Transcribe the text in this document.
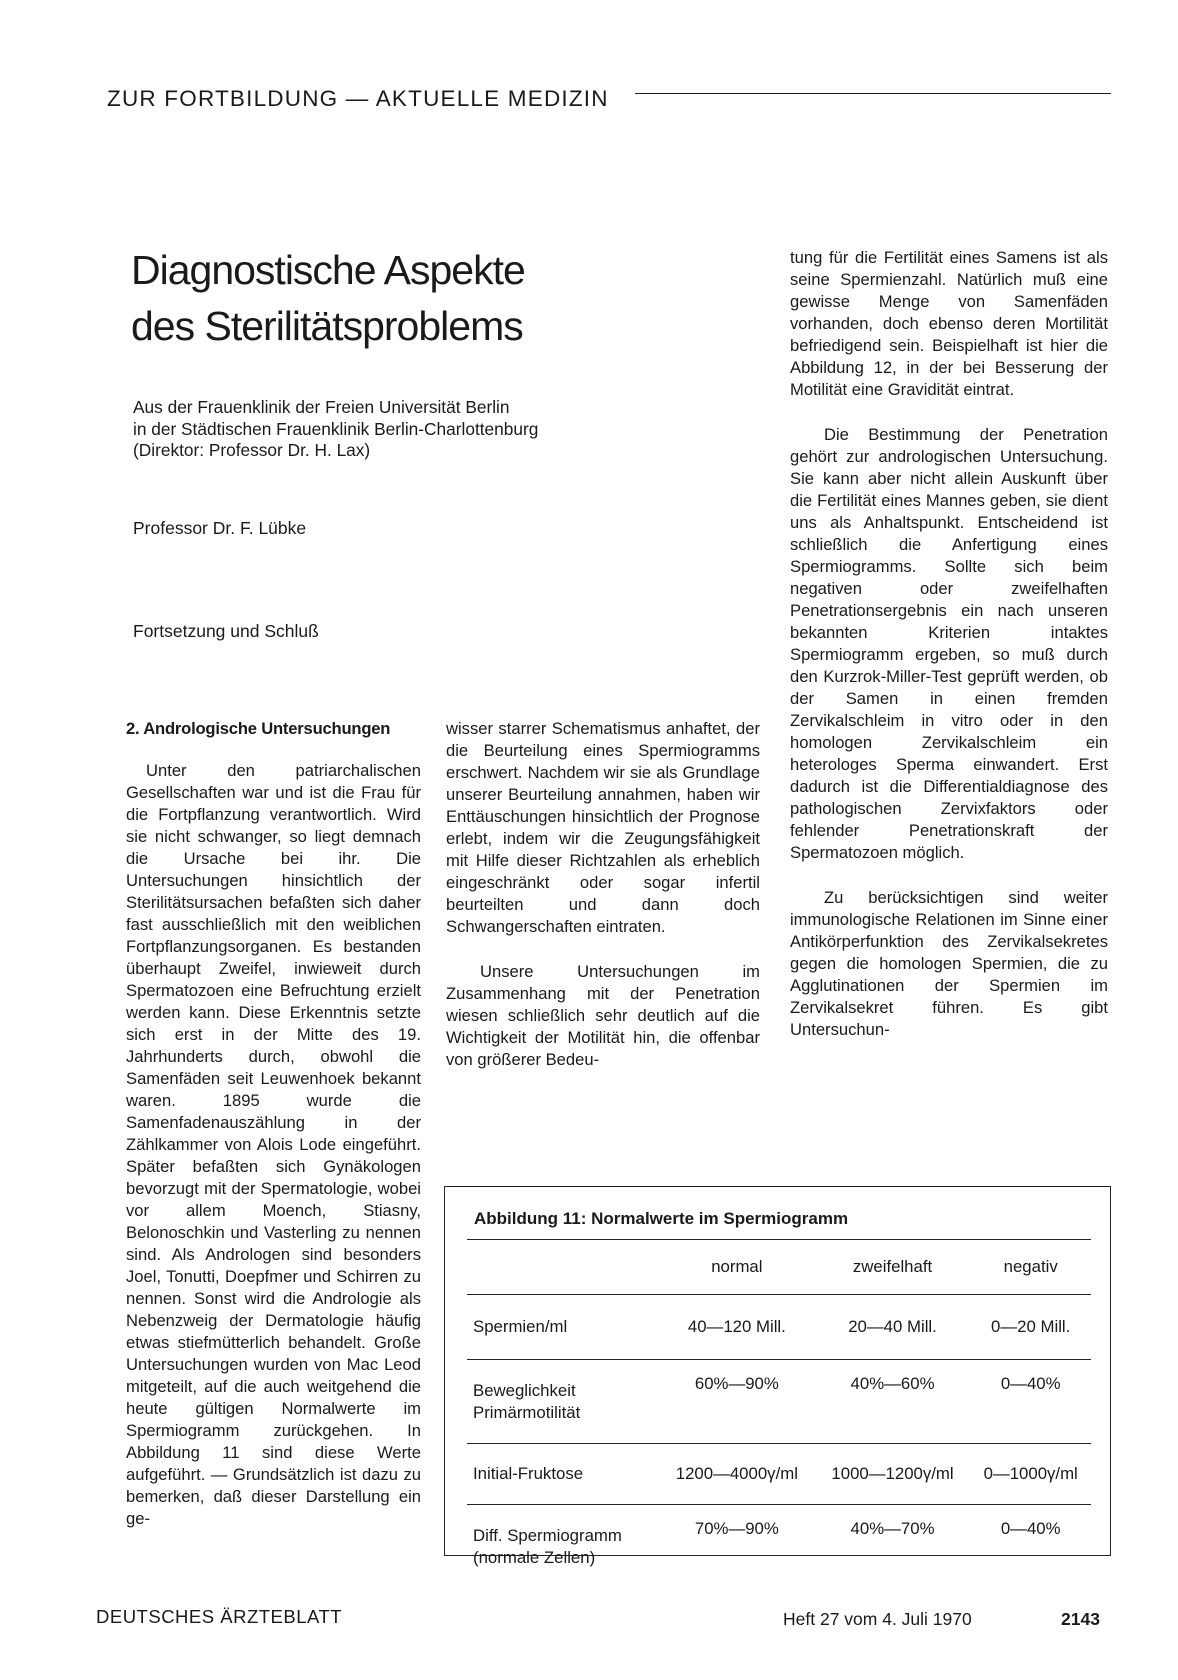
ZUR FORTBILDUNG — AKTUELLE MEDIZIN
Diagnostische Aspekte
des Sterilitätsproblems
Aus der Frauenklinik der Freien Universität Berlin
in der Städtischen Frauenklinik Berlin-Charlottenburg
(Direktor: Professor Dr. H. Lax)
Professor Dr. F. Lübke
Fortsetzung und Schluß

2. Andrologische Untersuchungen

Unter den patriarchalischen Gesellschaften war und ist die Frau für die Fortpflanzung verantwortlich. Wird sie nicht schwanger, so liegt demnach die Ursache bei ihr. Die Untersuchungen hinsichtlich der Sterilitätsursachen befaßten sich daher fast ausschließlich mit den weiblichen Fortpflanzungsorganen. Es bestanden überhaupt Zweifel, inwieweit durch Spermatozoen eine Befruchtung erzielt werden kann. Diese Erkenntnis setzte sich erst in der Mitte des 19. Jahrhunderts durch, obwohl die Samenfäden seit Leuwenhoek bekannt waren. 1895 wurde die Samenfadenauszählung in der Zählkammer von Alois Lode eingeführt. Später befaßten sich Gynäkologen bevorzugt mit der Spermatologie, wobei vor allem Moench, Stiasny, Belonoschkin und Vasterling zu nennen sind. Als Andrologen sind besonders Joel, Tonutti, Doepfmer und Schirren zu nennen. Sonst wird die Andrologie als Nebenzweig der Dermatologie häufig etwas stiefmütterlich behandelt. Große Untersuchungen wurden von Mac Leod mitgeteilt, auf die auch weitgehend die heute gültigen Normalwerte im Spermiogramm zurückgehen. In Abbildung 11 sind diese Werte aufgeführt. — Grundsätzlich ist dazu zu bemerken, daß dieser Darstellung ein ge-

wisser starrer Schematismus anhaftet, der die Beurteilung eines Spermiogramms erschwert. Nachdem wir sie als Grundlage unserer Beurteilung annahmen, haben wir Enttäuschungen hinsichtlich der Prognose erlebt, indem wir die Zeugungsfähigkeit mit Hilfe dieser Richtzahlen als erheblich eingeschränkt oder sogar infertil beurteilten und dann doch Schwangerschaften eintraten.

Unsere Untersuchungen im Zusammenhang mit der Penetration wiesen schließlich sehr deutlich auf die Wichtigkeit der Motilität hin, die offenbar von größerer Bedeu-

tung für die Fertilität eines Samens ist als seine Spermienzahl. Natürlich muß eine gewisse Menge von Samenfäden vorhanden, doch ebenso deren Mortilität befriedigend sein. Beispielhaft ist hier die Abbildung 12, in der bei Besserung der Motilität eine Gravidität eintrat.

Die Bestimmung der Penetration gehört zur andrologischen Untersuchung. Sie kann aber nicht allein Auskunft über die Fertilität eines Mannes geben, sie dient uns als Anhaltspunkt. Entscheidend ist schließlich die Anfertigung eines Spermiogramms. Sollte sich beim negativen oder zweifelhaften Penetrationsergebnis ein nach unseren bekannten Kriterien intaktes Spermiogramm ergeben, so muß durch den Kurzrok-Miller-Test geprüft werden, ob der Samen in einen fremden Zervikalschleim in vitro oder in den homologen Zervikalschleim ein heterologes Sperma einwandert. Erst dadurch ist die Differentialdiagnose des pathologischen Zervixfaktors oder fehlender Penetrationskraft der Spermatozoen möglich.

Zu berücksichtigen sind weiter immunologische Relationen im Sinne einer Antikörperfunktion des Zervikalsekretes gegen die homologen Spermien, die zu Agglutinationen der Spermien im Zervikalsekret führen. Es gibt Untersuchun-

Abbildung 11: Normalwerte im Spermiogramm
	normal	zweifelhaft	negativ
Spermien/ml	40—120 Mill.	20—40 Mill.	0—20 Mill.

Beweglichkeit
Primärmotilität	60%—90%	40%—60%	0—40%
Initial-Fruktose	1200—4000γ/ml	1000—1200γ/ml	0—1000γ/ml

Diff. Spermiogramm
(normale Zellen)	70%—90%	40%—70%	0—40%
DEUTSCHES ÄRZTEBLATT	Heft 27 vom 4. Juli 1970	2143
